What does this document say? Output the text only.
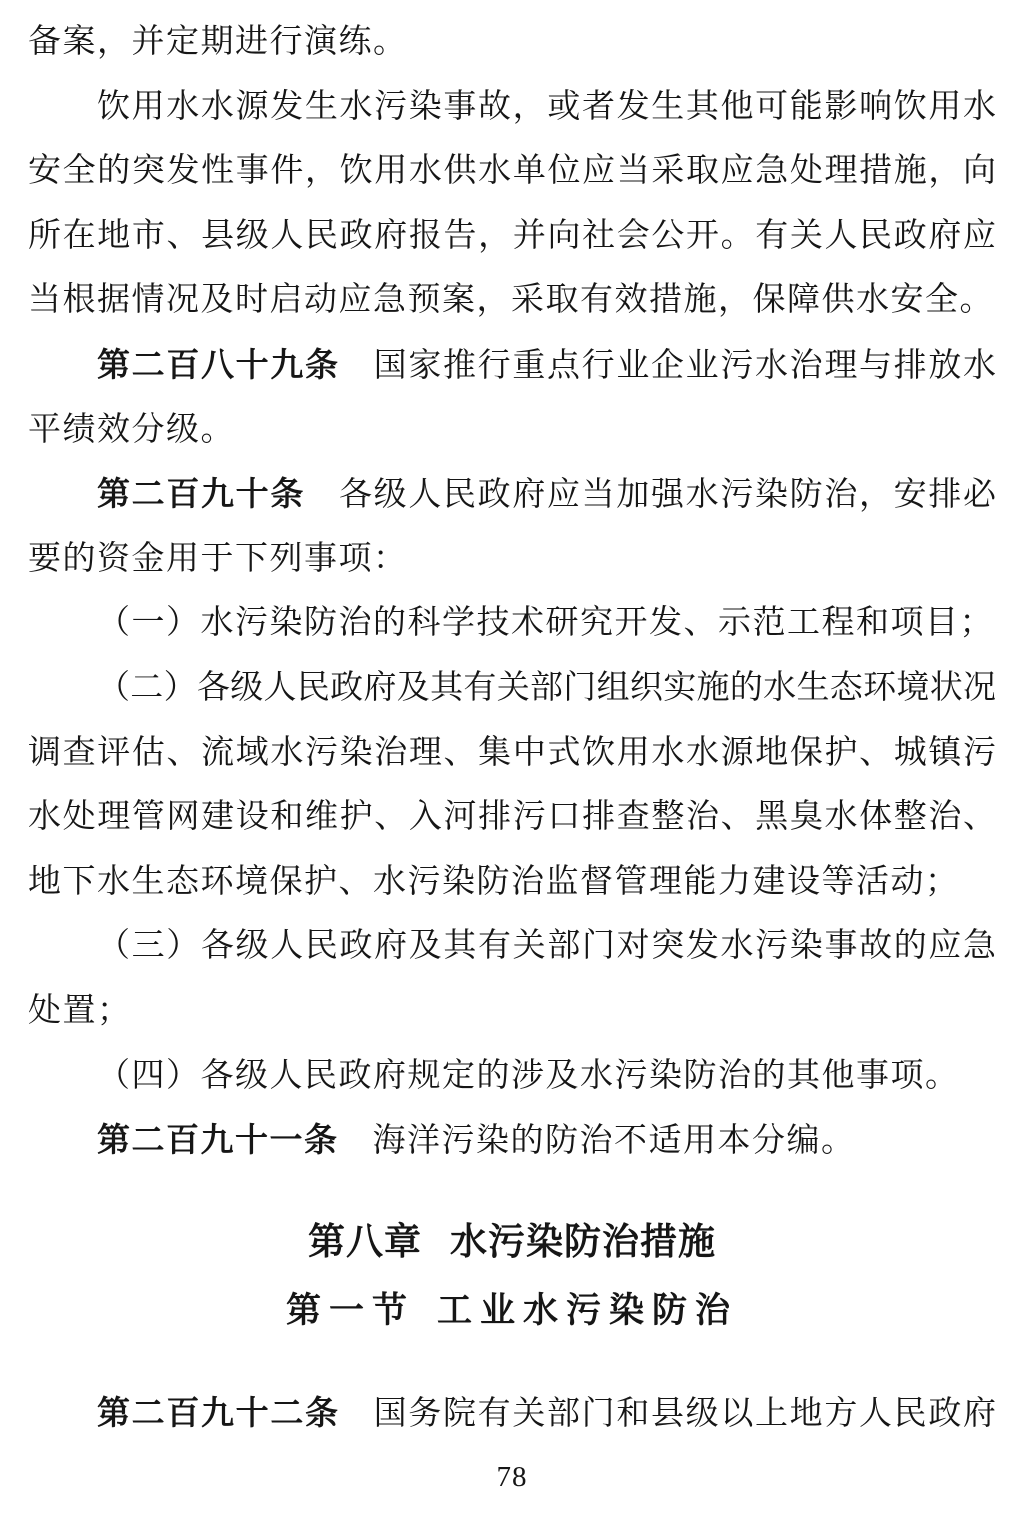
备案，并定期进行演练。
饮用水水源发生水污染事故，或者发生其他可能影响饮用水
安全的突发性事件，饮用水供水单位应当采取应急处理措施，向
所在地市、县级人民政府报告，并向社会公开。有关人民政府应
当根据情况及时启动应急预案，采取有效措施，保障供水安全。
第二百八十九条 国家推行重点行业企业污水治理与排放水
平绩效分级。
第二百九十条 各级人民政府应当加强水污染防治，安排必
要的资金用于下列事项：
（一）水污染防治的科学技术研究开发、示范工程和项目；
（二）各级人民政府及其有关部门组织实施的水生态环境状况
调查评估、流域水污染治理、集中式饮用水水源地保护、城镇污
水处理管网建设和维护、入河排污口排查整治、黑臭水体整治、
地下水生态环境保护、水污染防治监督管理能力建设等活动；
（三）各级人民政府及其有关部门对突发水污染事故的应急
处置；
（四）各级人民政府规定的涉及水污染防治的其他事项。
第二百九十一条 海洋污染的防治不适用本分编。
第八章 水污染防治措施
第一节 工业水污染防治
第二百九十二条 国务院有关部门和县级以上地方人民政府
78
